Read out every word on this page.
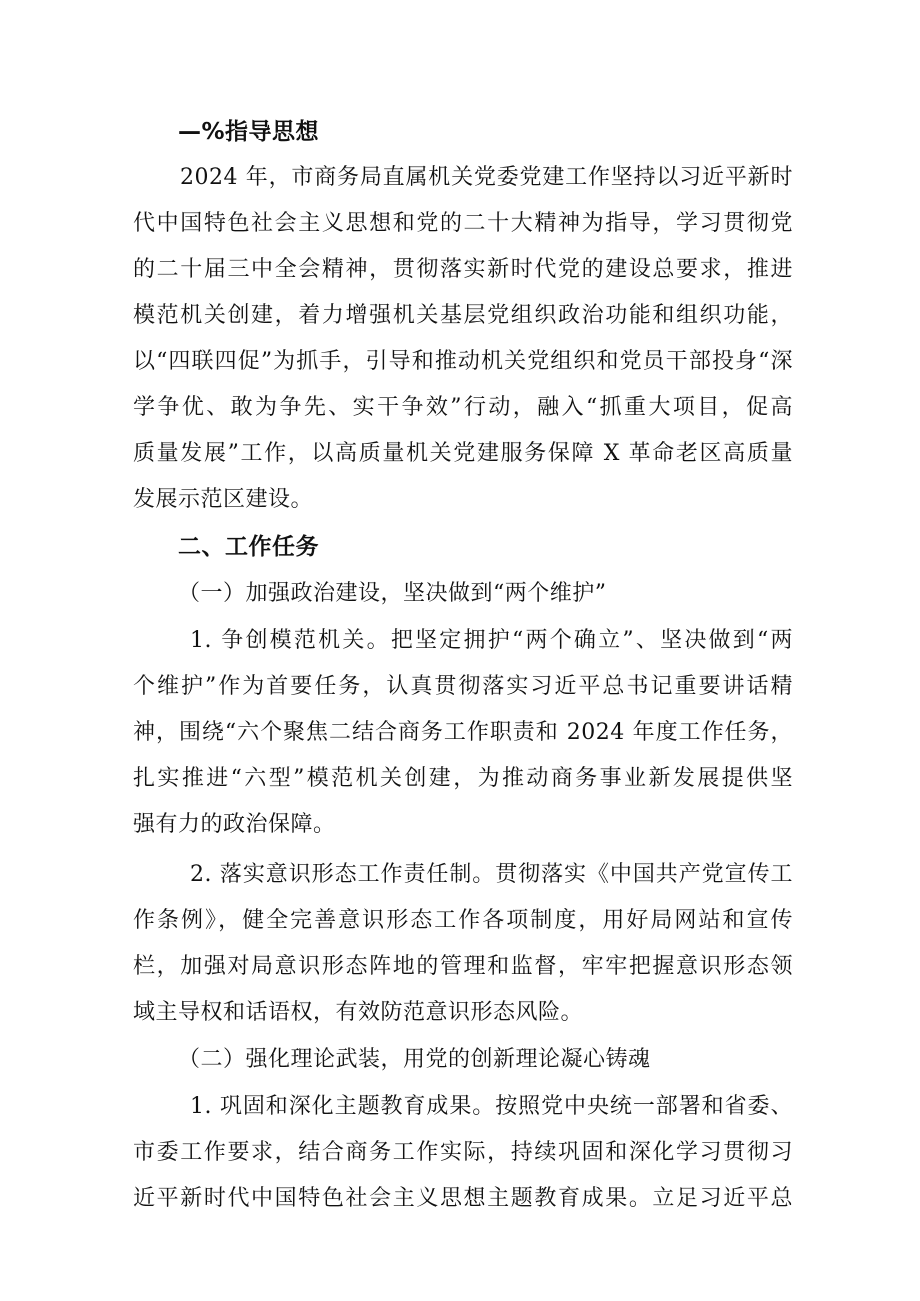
—%指导思想
2024 年，市商务局直属机关党委党建工作坚持以习近平新时
代中国特色社会主义思想和党的二十大精神为指导，学习贯彻党
的二十届三中全会精神，贯彻落实新时代党的建设总要求，推进
模范机关创建，着力增强机关基层党组织政治功能和组织功能，
以“四联四促”为抓手，引导和推动机关党组织和党员干部投身“深
学争优、敢为争先、实干争效”行动，融入“抓重大项目，促高
质量发展”工作，以高质量机关党建服务保障 X 革命老区高质量
发展示范区建设。
二、工作任务
（一）加强政治建设，坚决做到“两个维护”
1. 争创模范机关。把坚定拥护“两个确立”、坚决做到“两
个维护”作为首要任务，认真贯彻落实习近平总书记重要讲话精
神，围绕“六个聚焦二结合商务工作职责和 2024 年度工作任务，
扎实推进“六型”模范机关创建，为推动商务事业新发展提供坚
强有力的政治保障。
2. 落实意识形态工作责任制。贯彻落实《中国共产党宣传工
作条例》，健全完善意识形态工作各项制度，用好局网站和宣传
栏，加强对局意识形态阵地的管理和监督，牢牢把握意识形态领
域主导权和话语权，有效防范意识形态风险。
（二）强化理论武装，用党的创新理论凝心铸魂
1. 巩固和深化主题教育成果。按照党中央统一部署和省委、
市委工作要求，结合商务工作实际，持续巩固和深化学习贯彻习
近平新时代中国特色社会主义思想主题教育成果。立足习近平总
